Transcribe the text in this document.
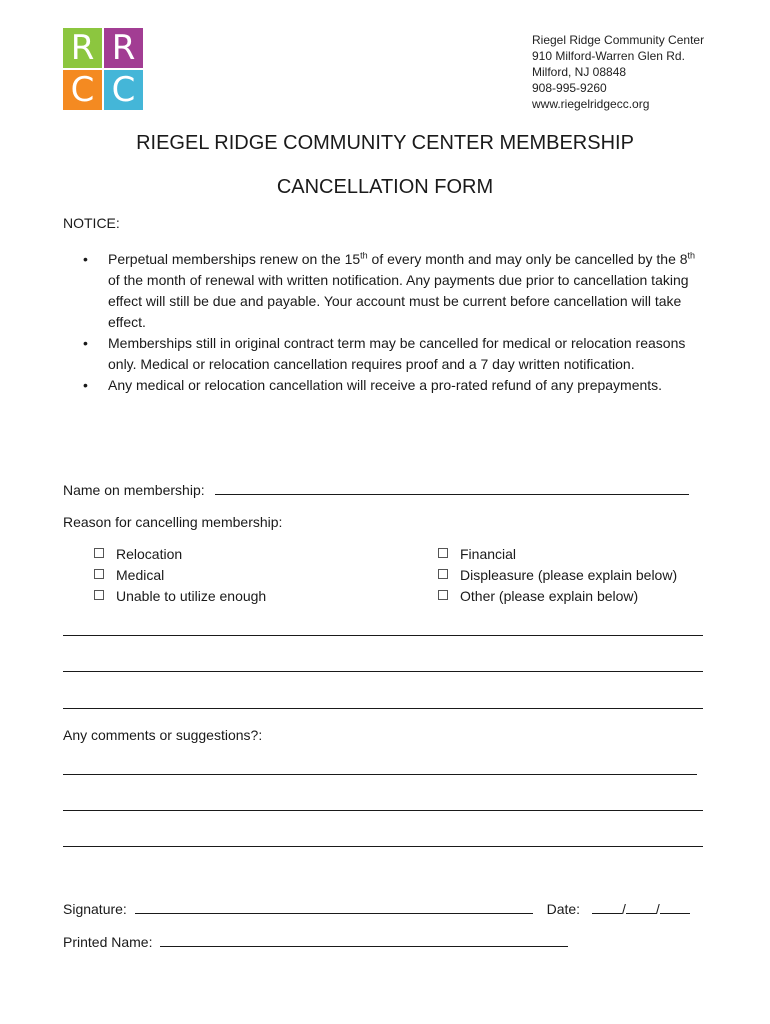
R R
C C
Riegel Ridge Community Center
910 Milford-Warren Glen Rd.
Milford, NJ 08848
908-995-9260
www.riegelridgecc.org
RIEGEL RIDGE COMMUNITY CENTER MEMBERSHIP
CANCELLATION FORM
NOTICE:
• Perpetual memberships renew on the 15th of every month and may only be cancelled by the 8th of the month of renewal with written notification. Any payments due prior to cancellation taking effect will still be due and payable. Your account must be current before cancellation will take effect.
• Memberships still in original contract term may be cancelled for medical or relocation reasons only. Medical or relocation cancellation requires proof and a 7 day written notification.
• Any medical or relocation cancellation will receive a pro-rated refund of any prepayments.
Name on membership:
Reason for cancelling membership:
Relocation
Medical
Unable to utilize enough
Financial
Displeasure (please explain below)
Other (please explain below)
Any comments or suggestions?:
Signature:	Date:	/ /
Printed Name:
